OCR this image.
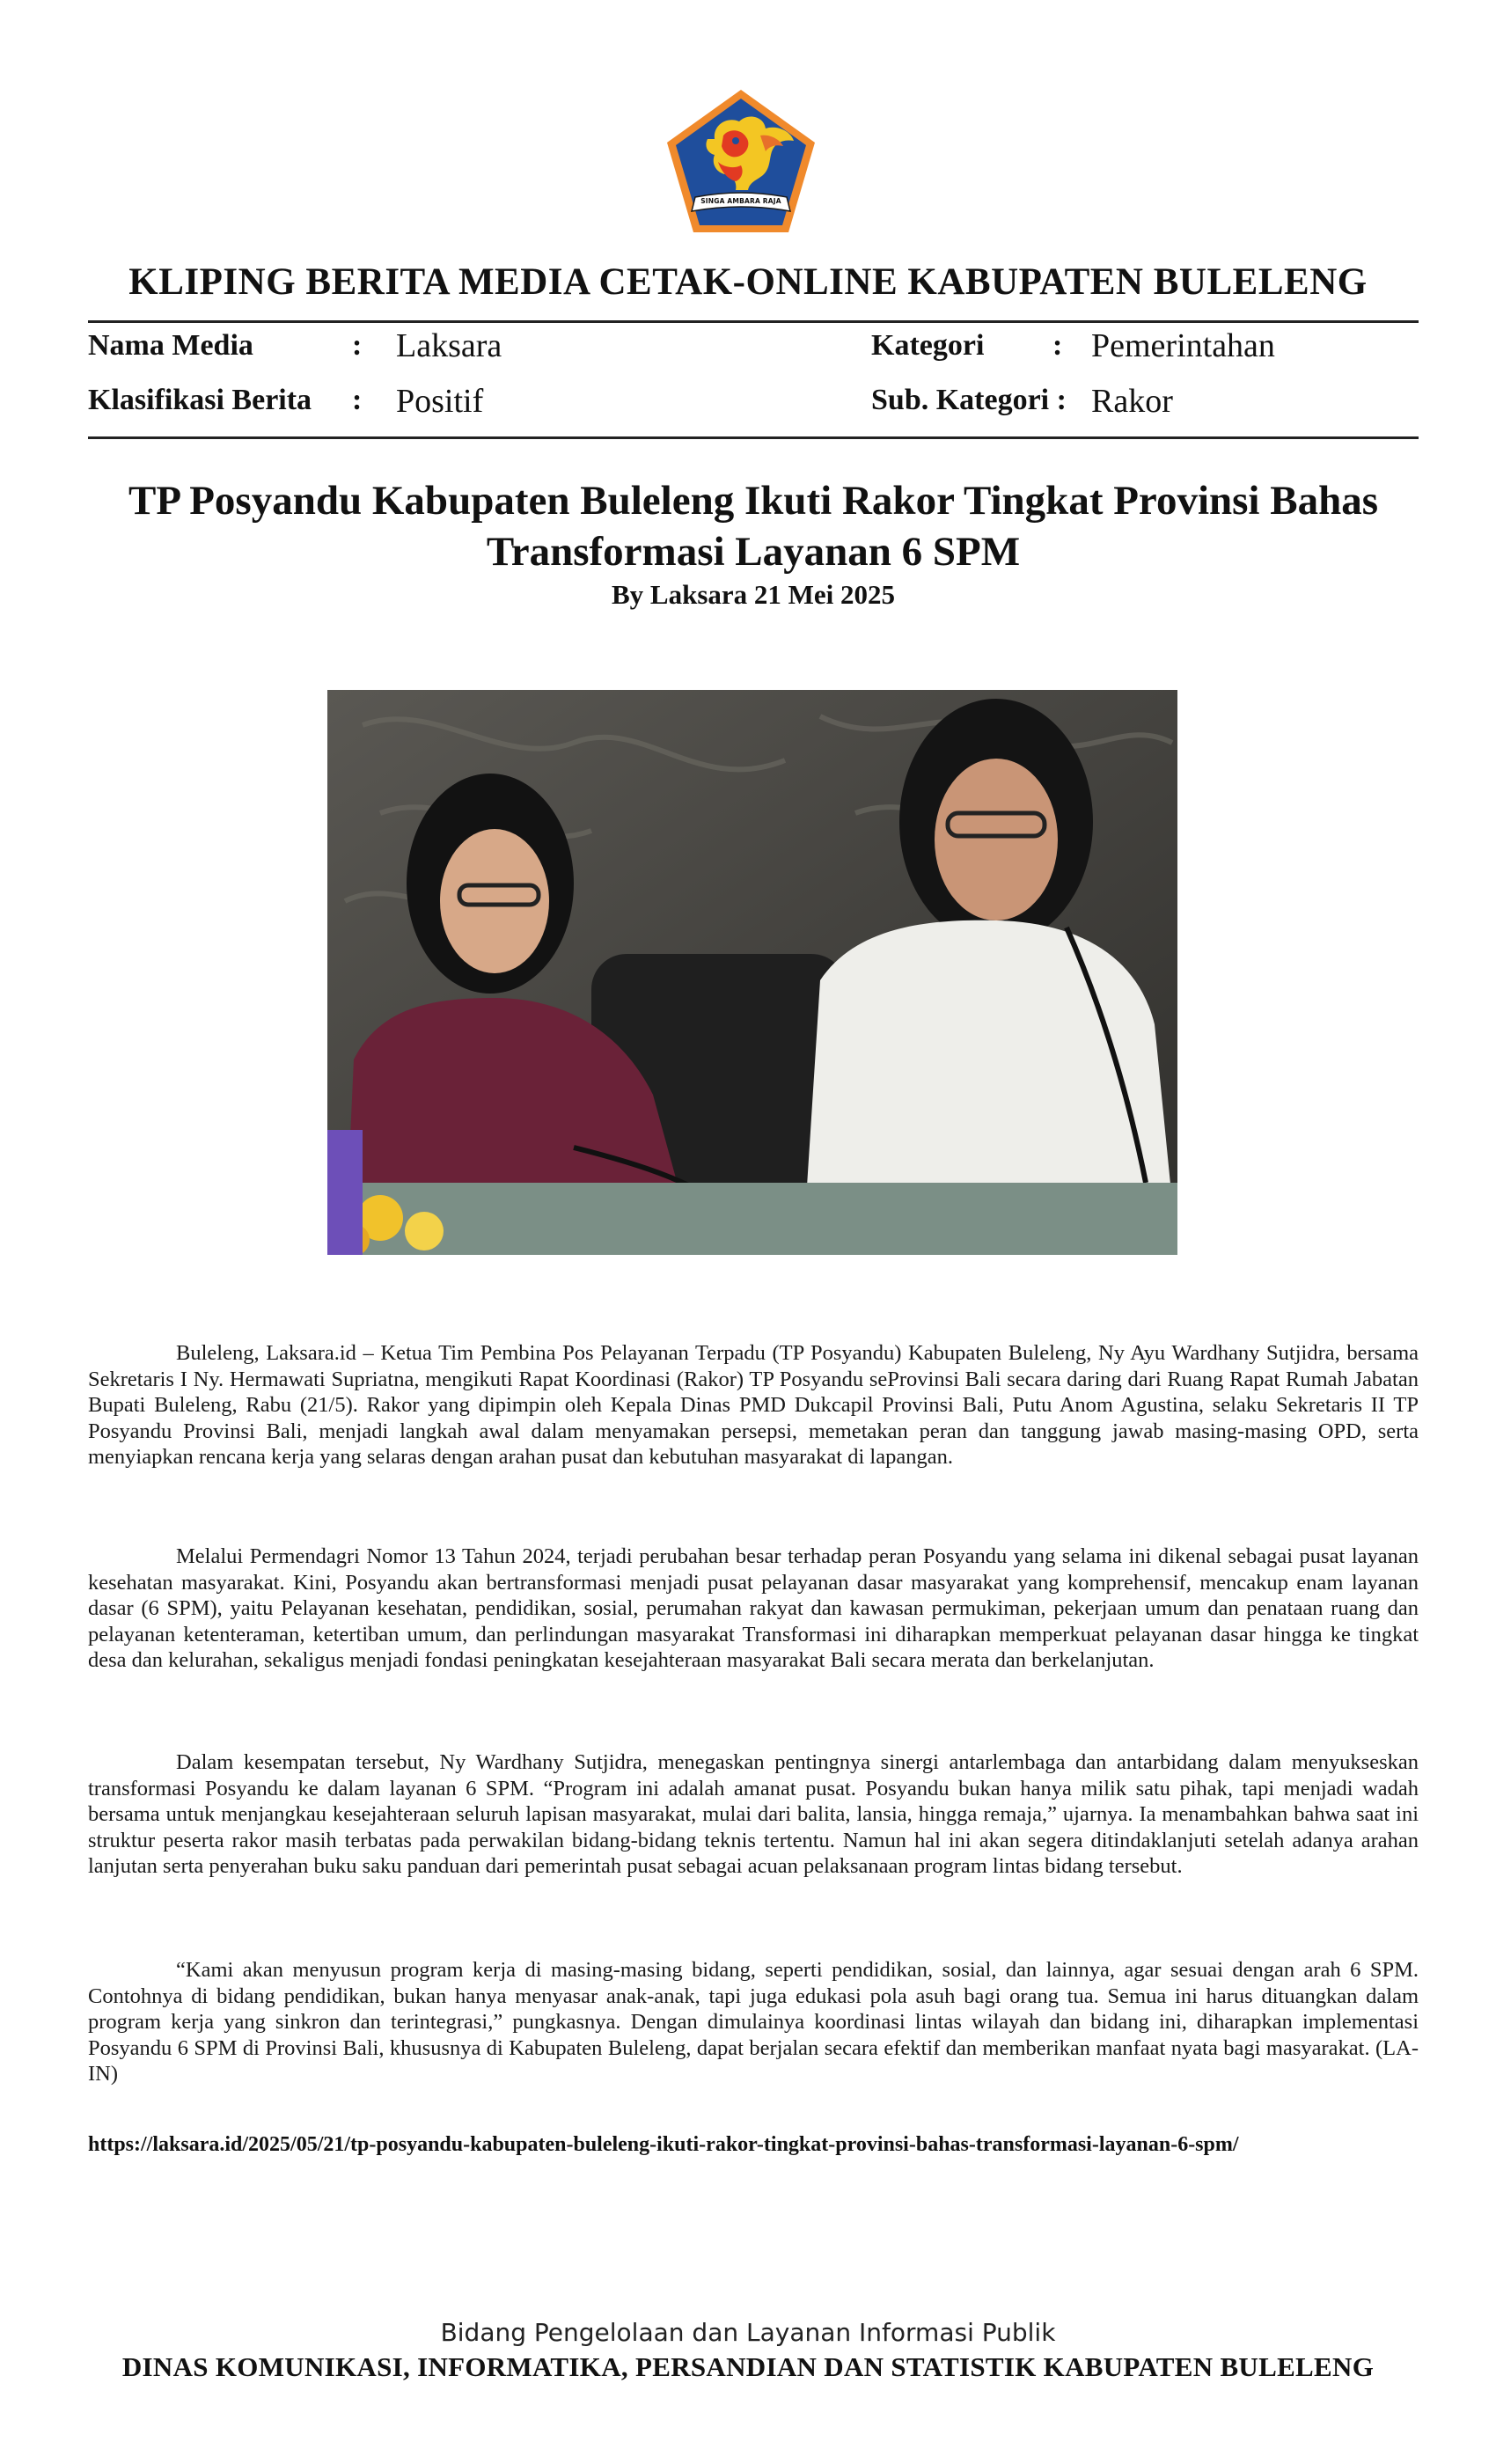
SINGA AMBARA RAJA
KLIPING BERITA MEDIA CETAK-ONLINE KABUPATEN BULELENG
Nama Media	: Laksara
Klasifikasi Berita : Positif
Kategori : Pemerintahan
Sub. Kategori : Rakor
TP Posyandu Kabupaten Buleleng Ikuti Rakor Tingkat Provinsi Bahas
Transformasi Layanan 6 SPM
By Laksara 21 Mei 2025

Buleleng, Laksara.id – Ketua Tim Pembina Pos Pelayanan Terpadu (TP Posyandu) Kabupaten Buleleng, Ny Ayu Wardhany Sutjidra, bersama Sekretaris I Ny. Hermawati Supriatna, mengikuti Rapat Koordinasi (Rakor) TP Posyandu seProvinsi Bali secara daring dari Ruang Rapat Rumah Jabatan Bupati Buleleng, Rabu (21/5). Rakor yang dipimpin oleh Kepala Dinas PMD Dukcapil Provinsi Bali, Putu Anom Agustina, selaku Sekretaris II TP Posyandu Provinsi Bali, menjadi langkah awal dalam menyamakan persepsi, memetakan peran dan tanggung jawab masing-masing OPD, serta menyiapkan rencana kerja yang selaras dengan arahan pusat dan kebutuhan masyarakat di lapangan.

Melalui Permendagri Nomor 13 Tahun 2024, terjadi perubahan besar terhadap peran Posyandu yang selama ini dikenal sebagai pusat layanan kesehatan masyarakat. Kini, Posyandu akan bertransformasi menjadi pusat pelayanan dasar masyarakat yang komprehensif, mencakup enam layanan dasar (6 SPM), yaitu Pelayanan kesehatan, pendidikan, sosial, perumahan rakyat dan kawasan permukiman, pekerjaan umum dan penataan ruang dan pelayanan ketenteraman, ketertiban umum, dan perlindungan masyarakat Transformasi ini diharapkan memperkuat pelayanan dasar hingga ke tingkat desa dan kelurahan, sekaligus menjadi fondasi peningkatan kesejahteraan masyarakat Bali secara merata dan berkelanjutan.

Dalam kesempatan tersebut, Ny Wardhany Sutjidra, menegaskan pentingnya sinergi antarlembaga dan antarbidang dalam menyukseskan transformasi Posyandu ke dalam layanan 6 SPM. “Program ini adalah amanat pusat. Posyandu bukan hanya milik satu pihak, tapi menjadi wadah bersama untuk menjangkau kesejahteraan seluruh lapisan masyarakat, mulai dari balita, lansia, hingga remaja,” ujarnya. Ia menambahkan bahwa saat ini struktur peserta rakor masih terbatas pada perwakilan bidang-bidang teknis tertentu. Namun hal ini akan segera ditindaklanjuti setelah adanya arahan lanjutan serta penyerahan buku saku panduan dari pemerintah pusat sebagai acuan pelaksanaan program lintas bidang tersebut.

“Kami akan menyusun program kerja di masing-masing bidang, seperti pendidikan, sosial, dan lainnya, agar sesuai dengan arah 6 SPM. Contohnya di bidang pendidikan, bukan hanya menyasar anak-anak, tapi juga edukasi pola asuh bagi orang tua. Semua ini harus dituangkan dalam program kerja yang sinkron dan terintegrasi,” pungkasnya. Dengan dimulainya koordinasi lintas wilayah dan bidang ini, diharapkan implementasi Posyandu 6 SPM di Provinsi Bali, khususnya di Kabupaten Buleleng, dapat berjalan secara efektif dan memberikan manfaat nyata bagi masyarakat. (LA-IN)

https://laksara.id/2025/05/21/tp-posyandu-kabupaten-buleleng-ikuti-rakor-tingkat-provinsi-bahas-transformasi-layanan-6-spm/
Bidang Pengelolaan dan Layanan Informasi Publik
DINAS KOMUNIKASI, INFORMATIKA, PERSANDIAN DAN STATISTIK KABUPATEN BULELENG
